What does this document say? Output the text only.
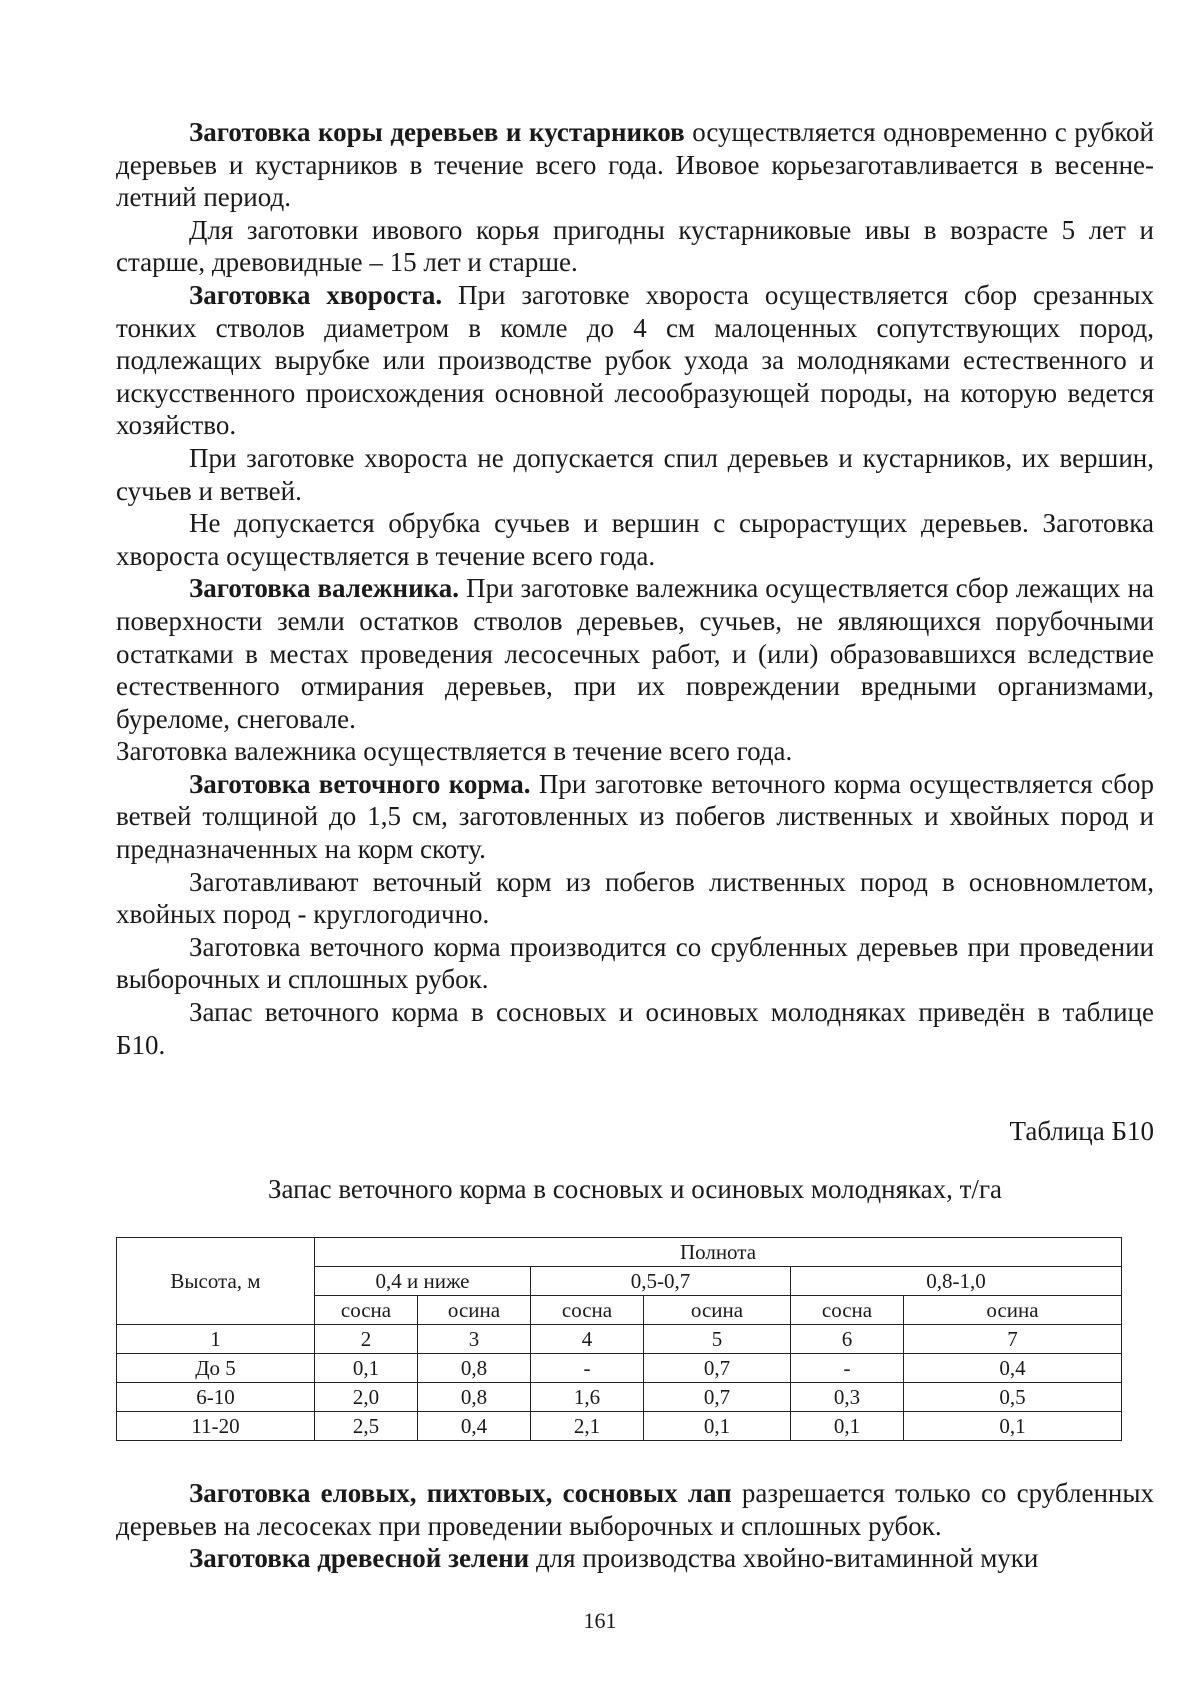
Заготовка коры деревьев и кустарников осуществляется одновременно с рубкой деревьев и кустарников в течение всего года. Ивовое корьезаготавливается в весенне-летний период.

Для заготовки ивового корья пригодны кустарниковые ивы в возрасте 5 лет и старше, древовидные – 15 лет и старше.

Заготовка хвороста. При заготовке хвороста осуществляется сбор срезанных тонких стволов диаметром в комле до 4 см малоценных сопутствующих пород, подлежащих вырубке или производстве рубок ухода за молодняками естественного и искусственного происхождения основной лесообразующей породы, на которую ведется хозяйство.

При заготовке хвороста не допускается спил деревьев и кустарников, их вершин, сучьев и ветвей.

Не допускается обрубка сучьев и вершин с сырорастущих деревьев. Заготовка хвороста осуществляется в течение всего года.

Заготовка валежника. При заготовке валежника осуществляется сбор лежащих на поверхности земли остатков стволов деревьев, сучьев, не являющихся порубочными остатками в местах проведения лесосечных работ, и (или) образовавшихся вследствие естественного отмирания деревьев, при их повреждении вредными организмами, буреломе, снеговале.

Заготовка валежника осуществляется в течение всего года.

Заготовка веточного корма. При заготовке веточного корма осуществляется сбор ветвей толщиной до 1,5 см, заготовленных из побегов лиственных и хвойных пород и предназначенных на корм скоту.

Заготавливают веточный корм из побегов лиственных пород в основномлетом, хвойных пород - круглогодично.

Заготовка веточного корма производится со срубленных деревьев при проведении выборочных и сплошных рубок.

Запас веточного корма в сосновых и осиновых молодняках приведён в таблице Б10.

Таблица Б10

Запас веточного корма в сосновых и осиновых молодняках, т/га

Высота, м	Полнота					
	0,4 и ниже		0,5-0,7		0,8-1,0	
	сосна	осина	сосна	осина	сосна	осина
1	2	3	4	5	6	7
До 5	0,1	0,8	-	0,7	-	0,4
6-10	2,0	0,8	1,6	0,7	0,3	0,5
11-20	2,5	0,4	2,1	0,1	0,1	0,1

Заготовка еловых, пихтовых, сосновых лап разрешается только со срубленных деревьев на лесосеках при проведении выборочных и сплошных рубок.

Заготовка древесной зелени для производства хвойно-витаминной муки

161
